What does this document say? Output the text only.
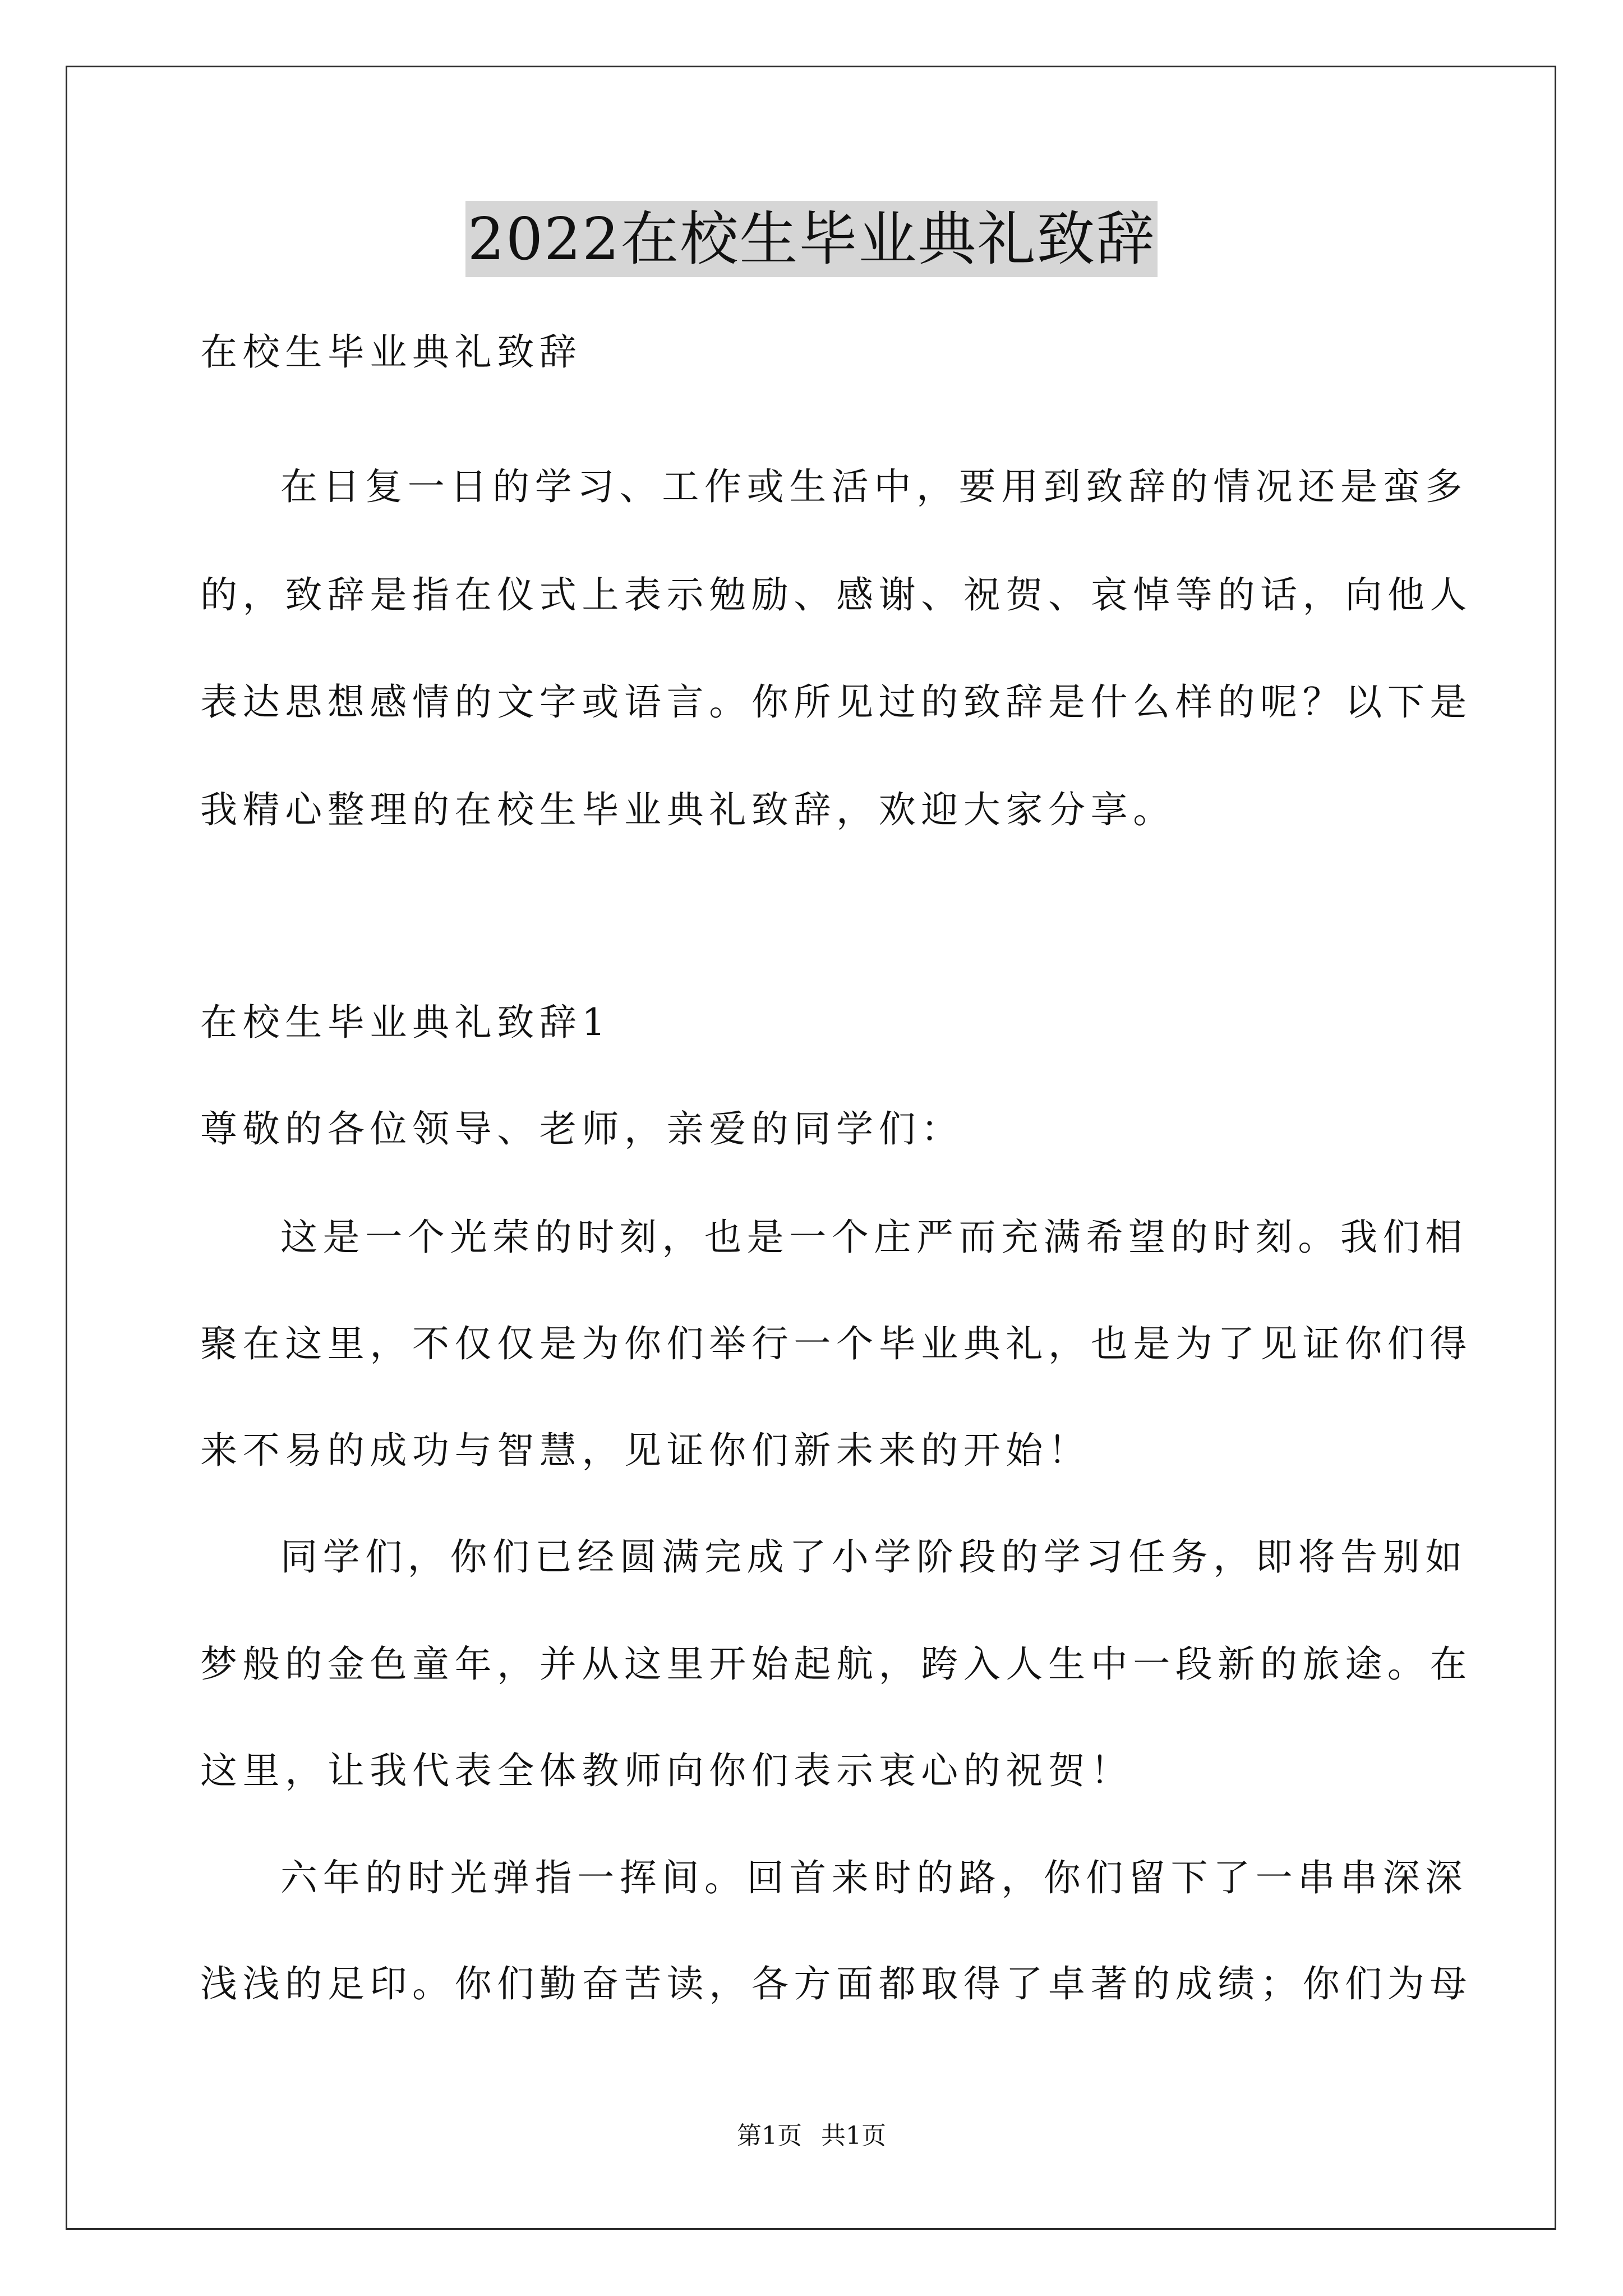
2022在校生毕业典礼致辞
在校生毕业典礼致辞
在日复一日的学习、工作或生活中，要用到致辞的情况还是蛮多
的，致辞是指在仪式上表示勉励、感谢、祝贺、哀悼等的话，向他人
表达思想感情的文字或语言。你所见过的致辞是什么样的呢？以下是
我精心整理的在校生毕业典礼致辞，欢迎大家分享。
在校生毕业典礼致辞1
尊敬的各位领导、老师，亲爱的同学们：
这是一个光荣的时刻，也是一个庄严而充满希望的时刻。我们相
聚在这里，不仅仅是为你们举行一个毕业典礼，也是为了见证你们得
来不易的成功与智慧，见证你们新未来的开始！
同学们，你们已经圆满完成了小学阶段的学习任务，即将告别如
梦般的金色童年，并从这里开始起航，跨入人生中一段新的旅途。在
这里，让我代表全体教师向你们表示衷心的祝贺！
六年的时光弹指一挥间。回首来时的路，你们留下了一串串深深
浅浅的足印。你们勤奋苦读，各方面都取得了卓著的成绩；你们为母
第1页 共1页
